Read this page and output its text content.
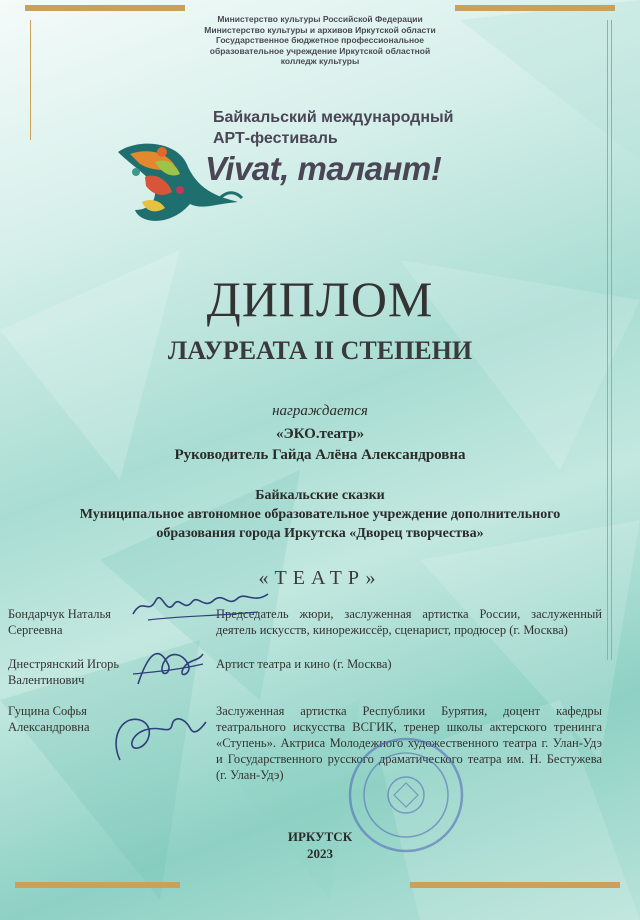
Министерство культуры Российской Федерации
Министерство культуры и архивов Иркутской области
Государственное бюджетное профессиональное
образовательное учреждение Иркутской областной
колледж культуры
Байкальский международный
АРТ-фестиваль
Vivat, талант!
ДИПЛОМ
ЛАУРЕАТА II СТЕПЕНИ
награждается
«ЭКО.театр»
Руководитель Гайда Алёна Александровна
Байкальские сказки
Муниципальное автономное образовательное учреждение дополнительного
образования города Иркутска «Дворец творчества»
«ТЕАТР»
Бондарчук Наталья Сергеевна
Председатель жюри, заслуженная артистка России, заслуженный деятель искусств, кинорежиссёр, сценарист, продюсер (г. Москва)
Днестрянский Игорь Валентинович
Артист театра и кино (г. Москва)
Гущина Софья Александровна
Заслуженная артистка Республики Бурятия, доцент кафедры театрального искусства ВСГИК, тренер школы актерского тренинга «Ступень». Актриса Молодежного художественного театра г. Улан-Удэ и Государственного русского драматического театра им. Н. Бестужева (г. Улан-Удэ)
ИРКУТСК
2023
